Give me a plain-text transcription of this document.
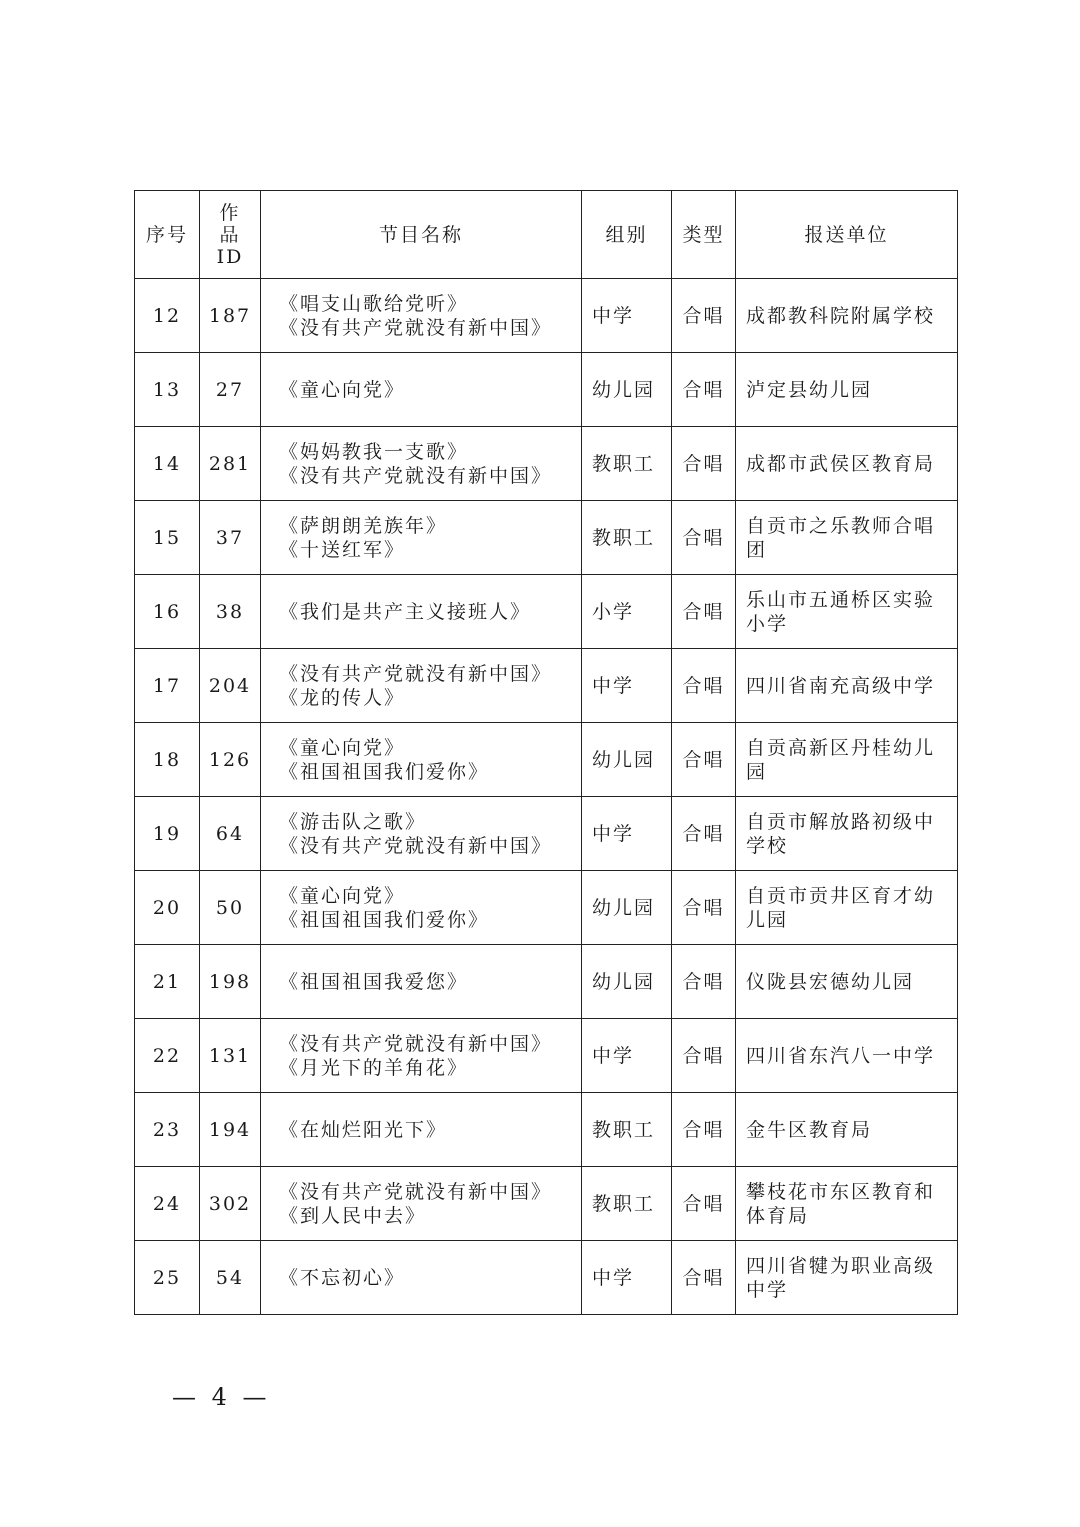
序号	作
品
ID	节目名称	组别	类型	报送单位
12	187	《唱支山歌给党听》
《没有共产党就没有新中国》	中学	合唱	成都教科院附属学校
13	27	《童心向党》	幼儿园	合唱	泸定县幼儿园
14	281	《妈妈教我一支歌》
《没有共产党就没有新中国》	教职工	合唱	成都市武侯区教育局
15	37	《萨朗朗羌族年》
《十送红军》	教职工	合唱	自贡市之乐教师合唱团
16	38	《我们是共产主义接班人》	小学	合唱	乐山市五通桥区实验小学
17	204	《没有共产党就没有新中国》
《龙的传人》	中学	合唱	四川省南充高级中学
18	126	《童心向党》
《祖国祖国我们爱你》	幼儿园	合唱	自贡高新区丹桂幼儿园
19	64	《游击队之歌》
《没有共产党就没有新中国》	中学	合唱	自贡市解放路初级中学校
20	50	《童心向党》
《祖国祖国我们爱你》	幼儿园	合唱	自贡市贡井区育才幼儿园
21	198	《祖国祖国我爱您》	幼儿园	合唱	仪陇县宏德幼儿园
22	131	《没有共产党就没有新中国》
《月光下的羊角花》	中学	合唱	四川省东汽八一中学
23	194	《在灿烂阳光下》	教职工	合唱	金牛区教育局
24	302	《没有共产党就没有新中国》
《到人民中去》	教职工	合唱	攀枝花市东区教育和体育局
25	54	《不忘初心》	中学	合唱	四川省犍为职业高级中学
— 4 —
